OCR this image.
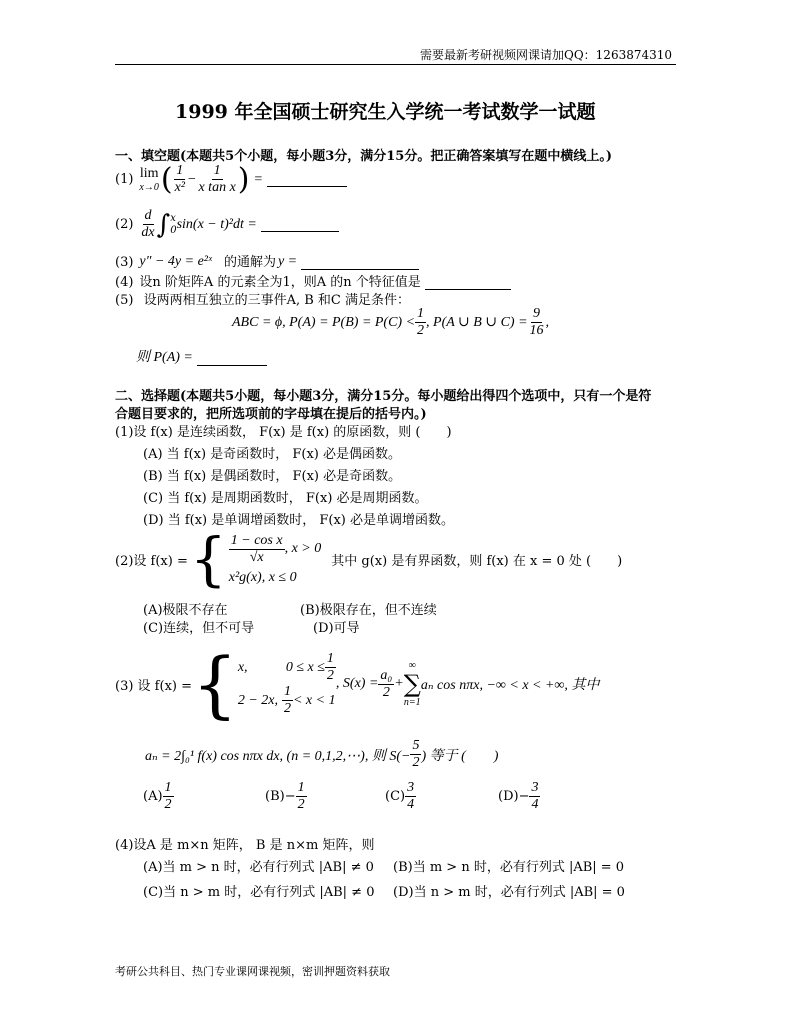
需要最新考研视频网课请加QQ：1263874310
1999 年全国硕士研究生入学统一考试数学一试题
一、填空题(本题共5个小题，每小题3分，满分15分。把正确答案填写在题中横线上。)
(1) lim
x→0 ( $\frac{1}{\text{x²}} - \frac{1}{\text{x tan x}}$ ) =
$(2) \frac{d}{dx}$ ∫ x
0 sin(x − t)²dt =
(3) y″ − 4y = e²ˣ 的通解为 y =
(4) 设n 阶矩阵A 的元素全为1，则A 的n 个特征值是
(5) 设两两相互独立的三事件A, B 和C 满足条件：
ABC = ϕ, $P(A) = P(B) = P(C) < \frac{1}{2}$ , P(A ∪ B ∪ $C) = \frac{9}{16}$ ,
则 P(A) =
二、选择题(本题共5小题，每小题3分，满分15分。每小题给出得四个选项中，只有一个是符
合题目要求的，把所选项前的字母填在提后的括号内。)
(1)设 f(x) 是连续函数， F(x) 是 f(x) 的原函数，则 (　　)
(A) 当 f(x) 是奇函数时， F(x) 必是偶函数。
(B) 当 f(x) 是偶函数时， F(x) 必是奇函数。
(C) 当 f(x) 是周期函数时， F(x) 必是周期函数。
(D) 当 f(x) 是单调增函数时， F(x) 必是单调增函数。
(2)设 f(x) = { $\frac{\text{1 − cos x}}{√x}$ , x > 0
x²g(x), x ≤ 0
其中 g(x) 是有界函数，则 f(x) 在 x = 0 处 (　　)
(A)极限不存在	(B)极限存在，但不连续
(C)连续，但不可导	(D)可导
(3) 设 f(x) = { x,	$0 \le x \le \frac{1}{2}$
2 − 2x, $\frac{1}{2} < x < 1$
, $S(x) = \frac{\text{a₀}}{2}$ +
∞
∑
n=1
aₙ cos nπx, −∞ < x < +∞, 其中
aₙ = 2∫₀¹ f(x) cos nπx dx, (n = 0,1,2,⋯), 则 $S(- \frac{5}{2}$ ) 等于 (　　)
$(A) \frac{1}{2}$	$(B) - \frac{1}{2}$	$(C) \frac{3}{4}$	$(D) - \frac{3}{4}$
(4)设A 是 m×n 矩阵， B 是 n×m 矩阵，则
(A)当 m > n 时，必有行列式 |AB| ≠ 0 (B)当 m > n 时，必有行列式 |AB| = 0
(C)当 n > m 时，必有行列式 |AB| ≠ 0 (D)当 n > m 时，必有行列式 |AB| = 0
考研公共科目、热门专业课网课视频，密训押题资料获取
